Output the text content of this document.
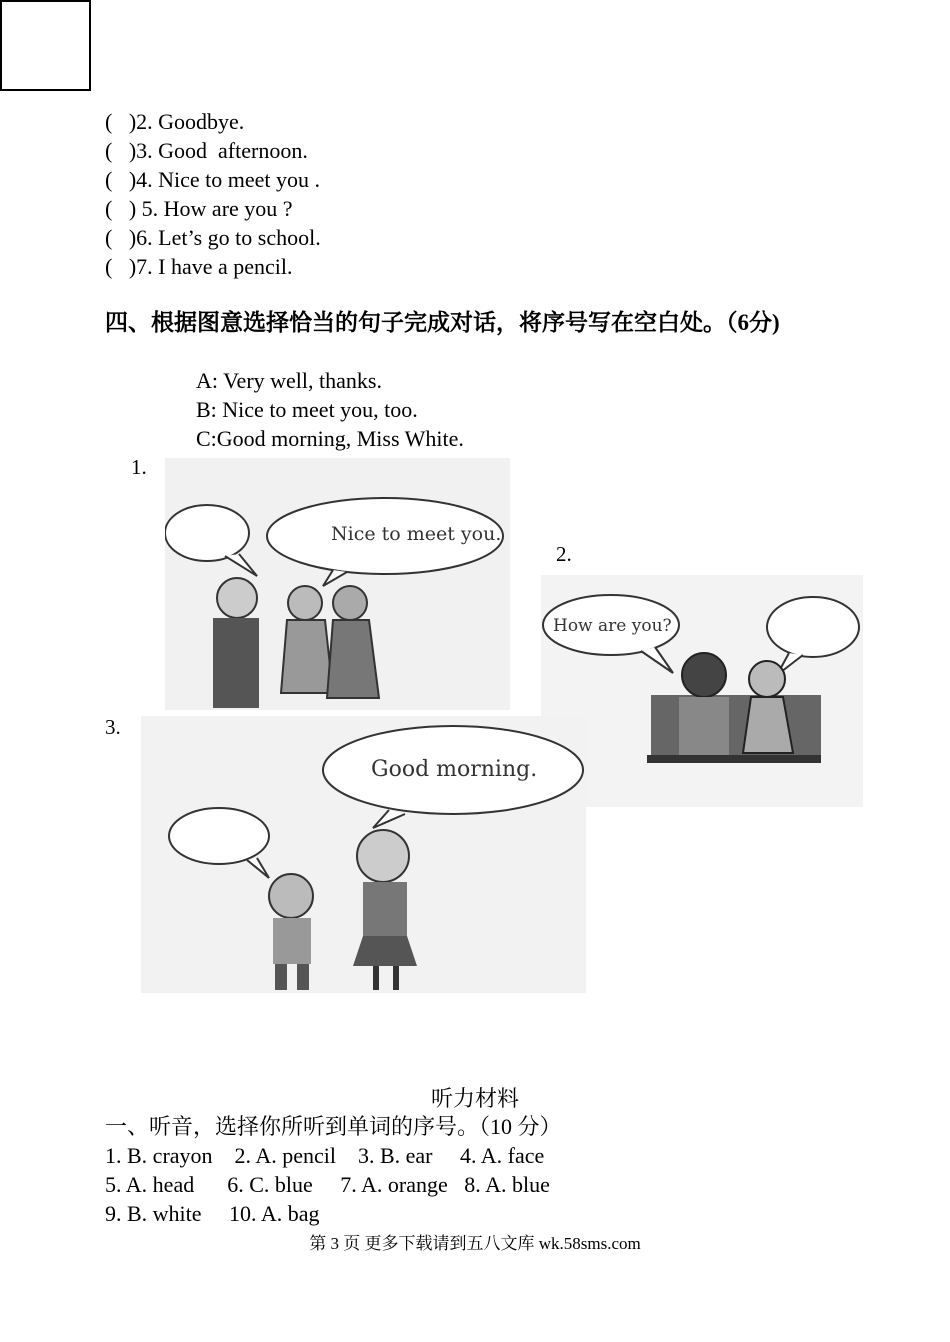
(   )2. Goodbye.
(   )3. Good  afternoon.
(   )4. Nice to meet you .
(   ) 5. How are you ?
(   )6. Let’s go to school.
(   )7. I have a pencil.
四、根据图意选择恰当的句子完成对话，将序号写在空白处。（6分)
A: Very well, thanks.
B: Nice to meet you, too.
C:Good morning, Miss White.
1.
2.
3.
Nice to meet you.
How are you?
Good morning.
听力材料
一、听音，选择你所听到单词的序号。（10 分）
1. B. crayon    2. A. pencil    3. B. ear     4. A. face
5. A. head      6. C. blue     7. A. orange   8. A. blue
9. B. white     10. A. bag
第 3 页 更多下载请到五八文库 wk.58sms.com
